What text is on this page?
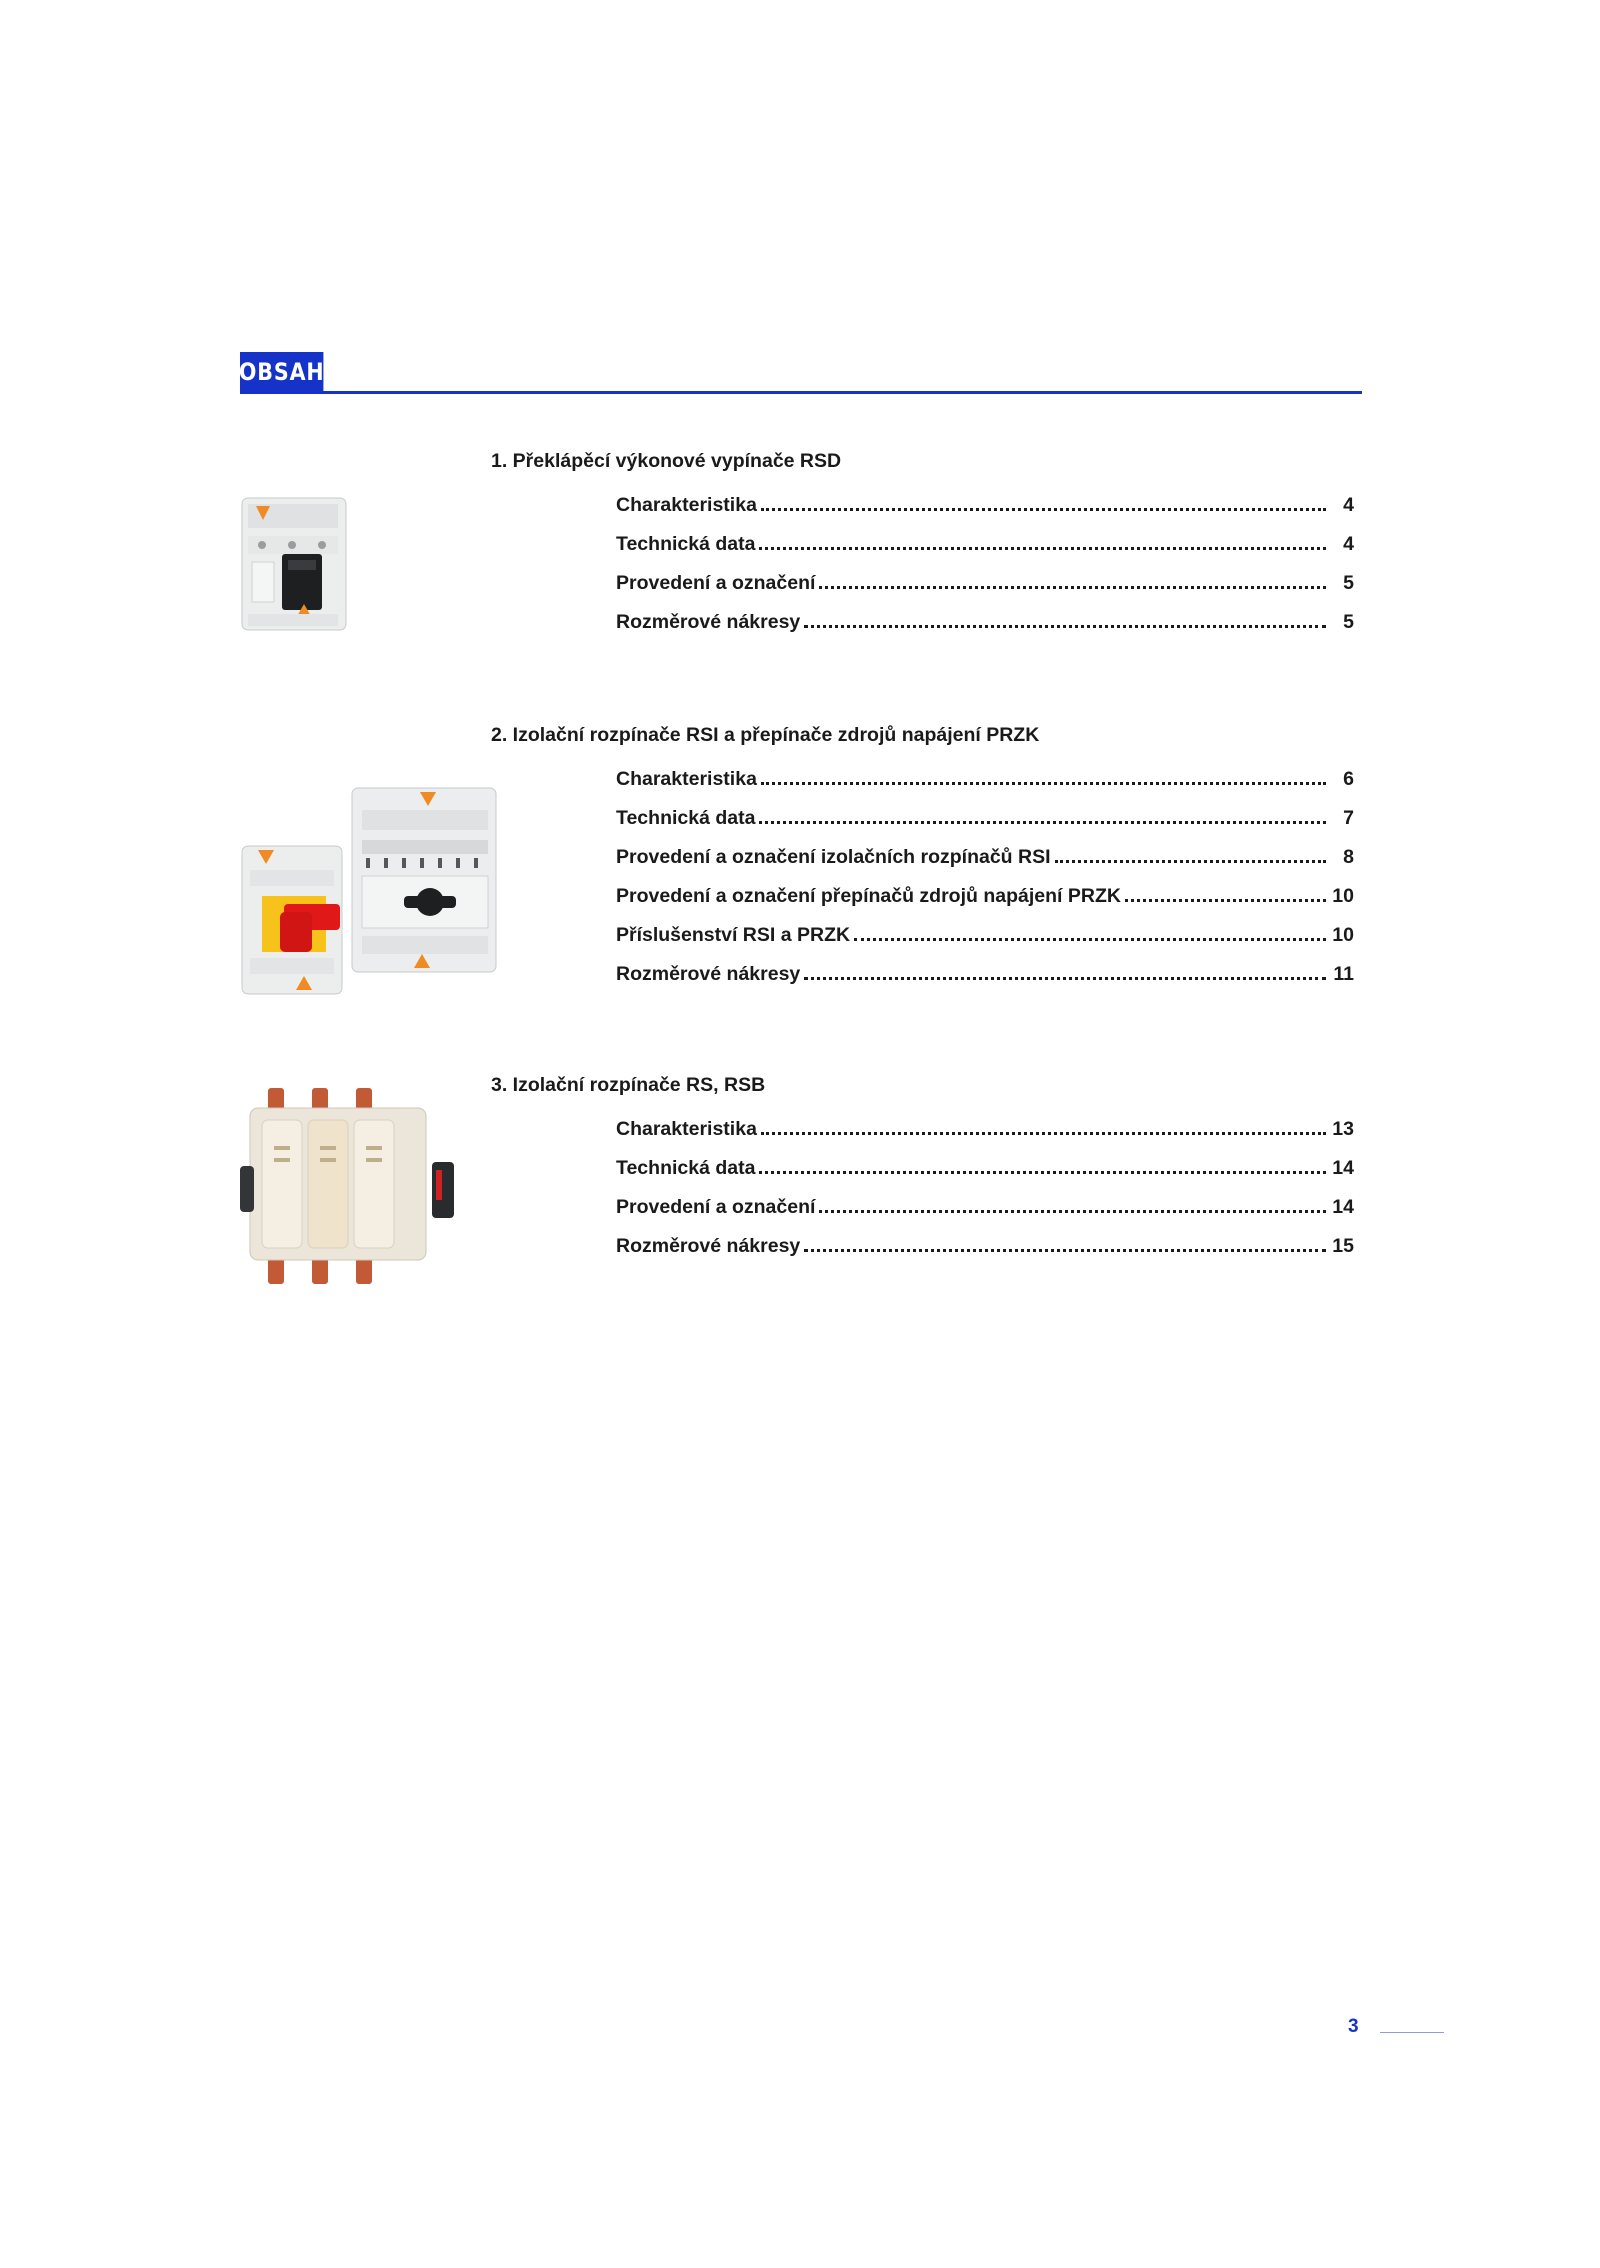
OBSAH
1. Překlápěcí výkonové vypínače RSD
Charakteristika	4
Technická data	4
Provedení a označení	5
Rozměrové nákresy	5
2. Izolační rozpínače RSI a přepínače zdrojů napájení PRZK
Charakteristika	6
Technická data	7
Provedení a označení izolačních rozpínačů RSI	8
Provedení a označení přepínačů zdrojů napájení PRZK	10
Příslušenství RSI a PRZK	10
Rozměrové nákresy	11
3. Izolační rozpínače RS, RSB
Charakteristika	13
Technická data	14
Provedení a označení	14
Rozměrové nákresy	15
3
